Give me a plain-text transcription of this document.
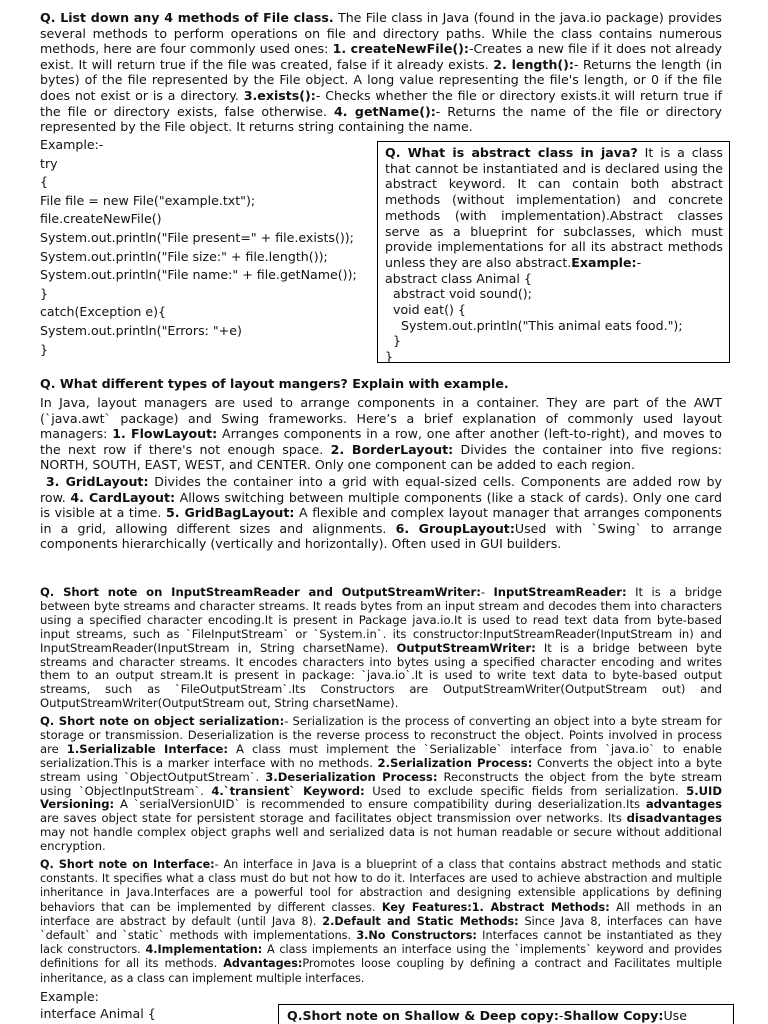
Q. List down any 4 methods of File class. The File class in Java (found in the java.io package) provides several methods to perform operations on file and directory paths. While the class contains numerous methods, here are four commonly used ones: 1. createNewFile():-Creates a new file if it does not already exist. It will return true if the file was created, false if it already exists. 2. length():- Returns the length (in bytes) of the file represented by the File object. A long value representing the file's length, or 0 if the file does not exist or is a directory. 3.exists():- Checks whether the file or directory exists.it will return true if the file or directory exists, false otherwise. 4. getName():- Returns the name of the file or directory represented by the File object. It returns string containing the name.

Example:-
try
{
File file = new File("example.txt");
file.createNewFile()
System.out.println("File present=" + file.exists());
System.out.println("File size:" + file.length());
System.out.println("File name:" + file.getName());
}
catch(Exception e){
System.out.println("Errors: "+e)
}
Q. What is abstract class in java? It is a class that cannot be instantiated and is declared using the abstract keyword. It can contain both abstract methods (without implementation) and concrete methods (with implementation).Abstract classes serve as a blueprint for subclasses, which must provide implementations for all its abstract methods unless they are also abstract.Example:-
abstract class Animal {
abstract void sound();
void eat() {
System.out.println("This animal eats food.");
}
}

Q. What different types of layout mangers? Explain with example.

In Java, layout managers are used to arrange components in a container. They are part of the AWT (`java.awt` package) and Swing frameworks. Here’s a brief explanation of commonly used layout managers: 1. FlowLayout: Arranges components in a row, one after another (left-to-right), and moves to the next row if there's not enough space. 2. BorderLayout: Divides the container into five regions: NORTH, SOUTH, EAST, WEST, and CENTER. Only one component can be added to each region.

3. GridLayout: Divides the container into a grid with equal-sized cells. Components are added row by row. 4. CardLayout: Allows switching between multiple components (like a stack of cards). Only one card is visible at a time. 5. GridBagLayout: A flexible and complex layout manager that arranges components in a grid, allowing different sizes and alignments. 6. GroupLayout:Used with `Swing` to arrange components hierarchically (vertically and horizontally). Often used in GUI builders.

Q. Short note on InputStreamReader and OutputStreamWriter:- InputStreamReader: It is a bridge between byte streams and character streams. It reads bytes from an input stream and decodes them into characters using a specified character encoding.It is present in Package java.io.It is used to read text data from byte-based input streams, such as `FileInputStream` or `System.in`. its constructor:InputStreamReader(InputStream in) and InputStreamReader(InputStream in, String charsetName). OutputStreamWriter: It is a bridge between byte streams and character streams. It encodes characters into bytes using a specified character encoding and writes them to an output stream.It is present in package: `java.io`.It is used to write text data to byte-based output streams, such as `FileOutputStream`.Its Constructors are OutputStreamWriter(OutputStream out) and OutputStreamWriter(OutputStream out, String charsetName).

Q. Short note on object serialization:- Serialization is the process of converting an object into a byte stream for storage or transmission. Deserialization is the reverse process to reconstruct the object. Points involved in process are 1.Serializable Interface: A class must implement the `Serializable` interface from `java.io` to enable serialization.This is a marker interface with no methods. 2.Serialization Process: Converts the object into a byte stream using `ObjectOutputStream`. 3.Deserialization Process: Reconstructs the object from the byte stream using `ObjectInputStream`. 4.`transient` Keyword: Used to exclude specific fields from serialization. 5.UID Versioning: A `serialVersionUID` is recommended to ensure compatibility during deserialization.Its advantages are saves object state for persistent storage and facilitates object transmission over networks. Its disadvantages may not handle complex object graphs well and serialized data is not human readable or secure without additional encryption.

Q. Short note on Interface:- An interface in Java is a blueprint of a class that contains abstract methods and static constants. It specifies what a class must do but not how to do it. Interfaces are used to achieve abstraction and multiple inheritance in Java.Interfaces are a powerful tool for abstraction and designing extensible applications by defining behaviors that can be implemented by different classes. Key Features:1. Abstract Methods: All methods in an interface are abstract by default (until Java 8). 2.Default and Static Methods: Since Java 8, interfaces can have `default` and `static` methods with implementations. 3.No Constructors: Interfaces cannot be instantiated as they lack constructors. 4.Implementation: A class implements an interface using the `implements` keyword and provides definitions for all its methods. Advantages:Promotes loose coupling by defining a contract and Facilitates multiple inheritance, as a class can implement multiple interfaces.

Example:
interface Animal {	Q.Short note on Shallow & Deep copy:-Shallow Copy:Use
